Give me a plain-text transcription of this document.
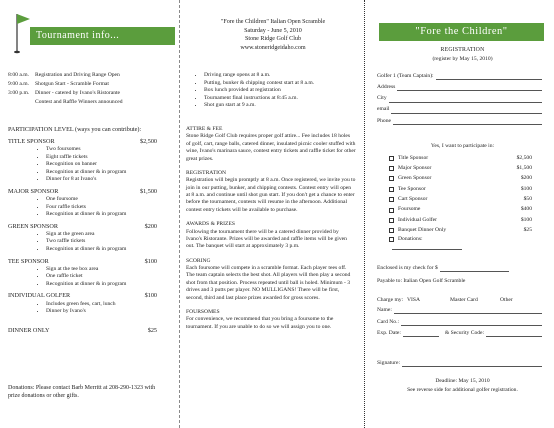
Tournament info...
8:00 a.m.	Registration and Driving Range Open
9:00 a.m.	Shotgun Start - Scramble Format
3:00 p.m.	Dinner - catered by Ivano's Ristorante
Contest and Raffle Winners announced
PARTICIPATION LEVEL (ways you can contribute):
TITLE SPONSOR	$2,500
• Two foursomes
• Eight raffle tickets
• Recognition on banner
• Recognition at dinner & in program
• Dinner for 8 at Ivano's
MAJOR SPONSOR	$1,500
• One foursome
• Four raffle tickets
• Recognition at dinner & in program
GREEN SPONSOR	$200
• Sign at the green area
• Two raffle tickets
• Recognition at dinner & in program
TEE SPONSOR	$100
• Sign at the tee box area
• One raffle ticket
• Recognition at dinner & in program
INDIVIDUAL GOLFER	$100
• Includes green fees, cart, lunch
• Dinner by Ivano's
DINNER ONLY	$25
Donations: Please contact Barb Merritt at 208-290-1323 with prize donations or other gifts.
"Fore the Children" Italian Open Scramble
Saturday - June 5, 2010
Stone Ridge Golf Club
www.stoneridgeidaho.com
• Driving range opens at 8 a.m.
• Putting, bunker & chipping contest start at 8 a.m.
• Box lunch provided at registration
• Tournament final instructions at 8:45 a.m.
• Shot gun start at 9 a.m.
ATTIRE & FEE
Stone Ridge Golf Club requires proper golf attire... Fee includes 18 holes of golf, cart, range balls, catered dinner, insulated picnic cooler stuffed with wine, Ivano's marinara sauce, contest entry tickets and raffle ticket for other great prizes.
REGISTRATION
Registration will begin promptly at 8 a.m. Once registered, we invite you to join in our putting, bunker, and chipping contests. Contest entry will open at 8 a.m. and continue until shot gun start. If you don't get a chance to enter before the tournament, contests will resume in the afternoon. Additional contest entry tickets will be available to purchase.
AWARDS & PRIZES
Following the tournament there will be a catered dinner provided by Ivano's Ristorante. Prizes will be awarded and raffle items will be given out. The banquet will start at approximately 3 p.m.
SCORING
Each foursome will compete in a scramble format. Each player tees off. The team captain selects the best shot. All players will then play a second shot from that position. Process repeated until ball is holed. Minimum - 3 drives and 3 putts per player. NO MULLIGANS! There will be first, second, third and last place prizes awarded for gross scores.
FOURSOMES
For convenience, we recommend that you bring a foursome to the tournament. If you are unable to do so we will assign you to one.
"Fore the Children"
REGISTRATION
(register by May 15, 2010)
Golfer 1 (Team Captain):
Address
City
email
Phone
Yes, I want to participate in:
Title Sponsor	$2,500
Major Sponsor	$1,500
Green Sponsor	$200
Tee Sponsor	$100
Cart Sponsor	$50
Foursome	$400
Individual Golfer	$100
Banquet Dinner Only	$25
Donations:
Enclosed is my check for $
Payable to: Italian Open Golf Scramble
Charge my: VISA	Master Card	Other
Name:
Card No.:
Exp. Date:	& Security Code:
Signature:
Deadline: May 15, 2010
See reverse side for additional golfer registration.
